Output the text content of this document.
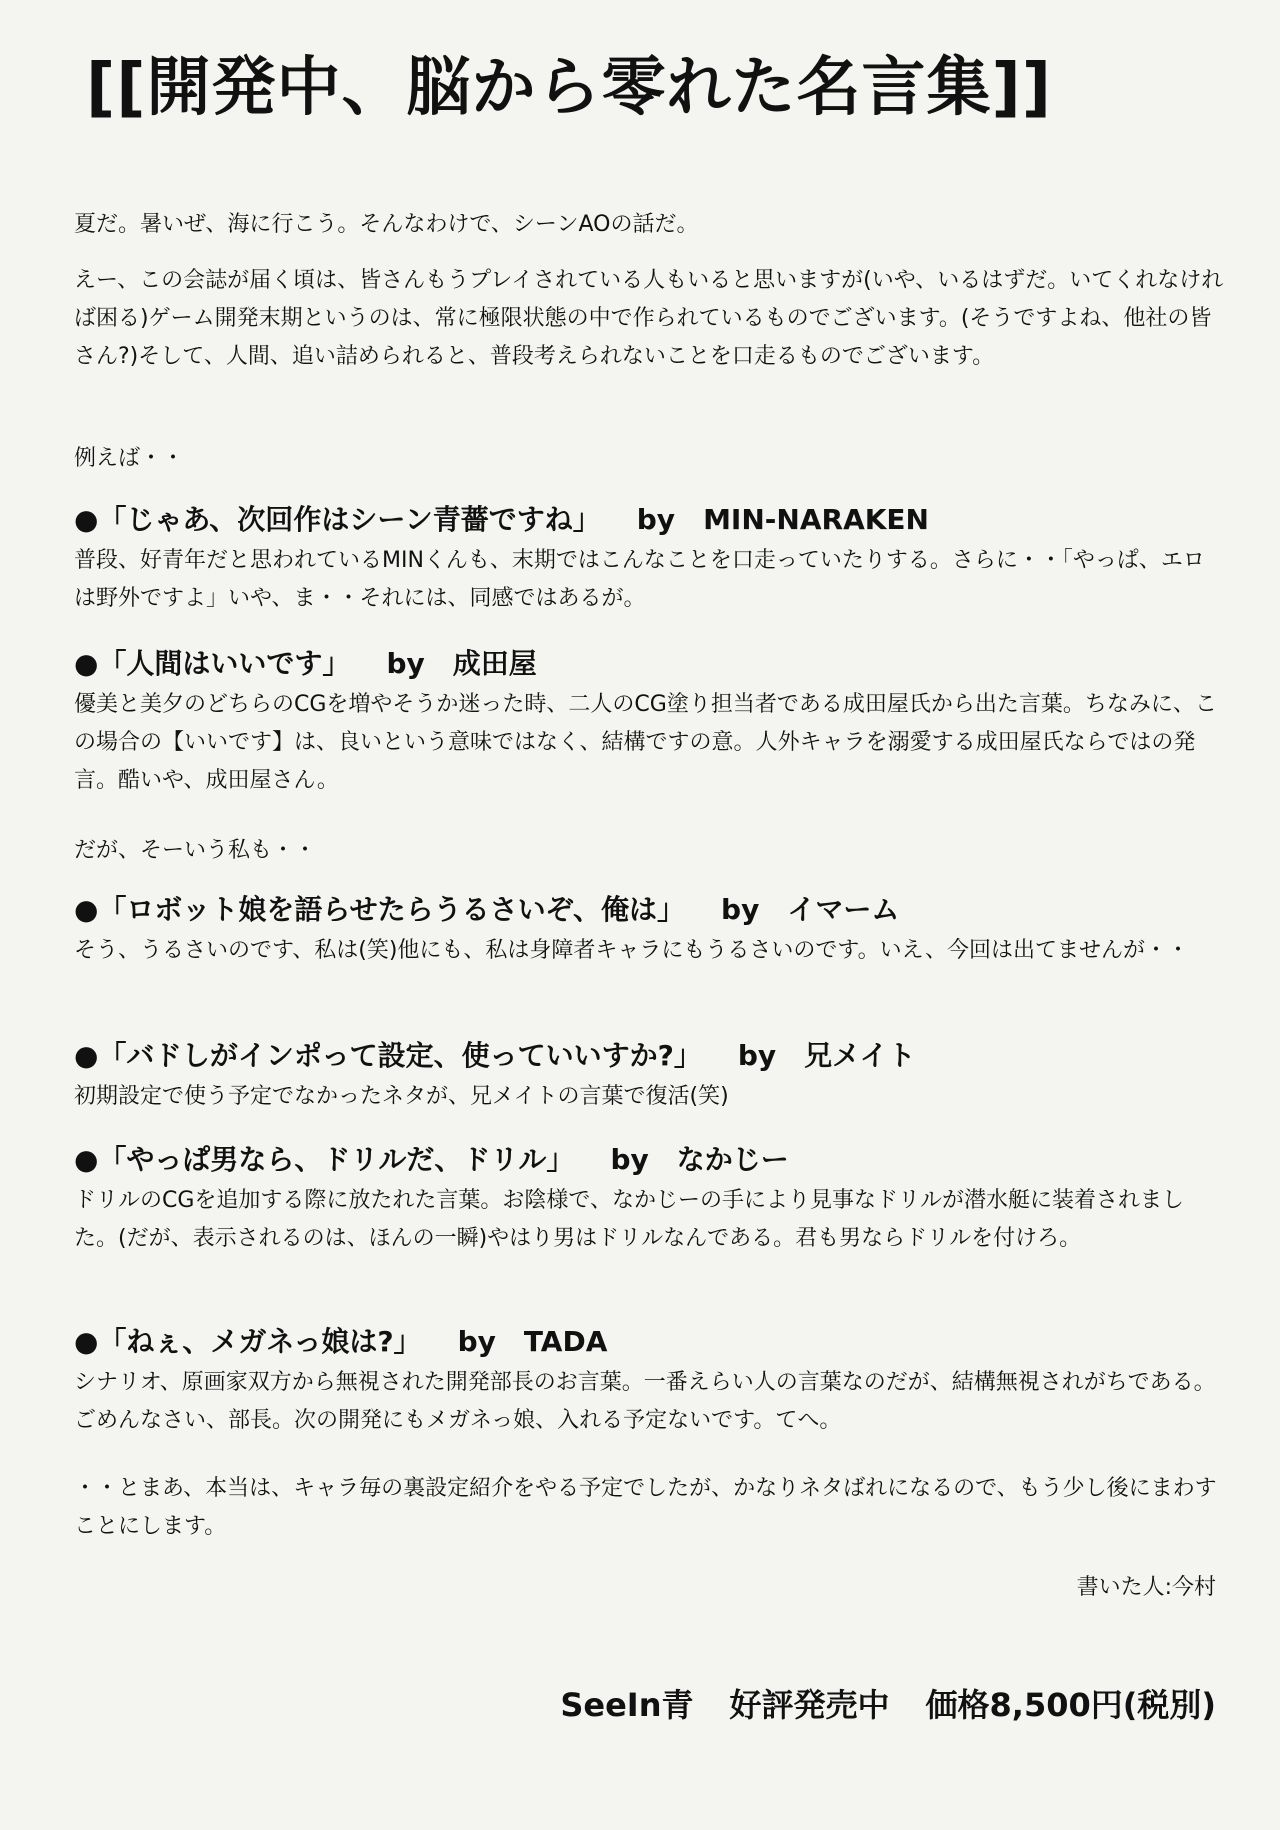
[[開発中、脳から零れた名言集]]
夏だ。暑いぜ、海に行こう。そんなわけで、シーンAOの話だ。
えー、この会誌が届く頃は、皆さんもうプレイされている人もいると思いますが(いや、いるはずだ。いてくれなければ困る)ゲーム開発末期というのは、常に極限状態の中で作られているものでございます。(そうですよね、他社の皆さん?)そして、人間、追い詰められると、普段考えられないことを口走るものでございます。
例えば・・
●「じゃあ、次回作はシーン青薔ですね」 by MIN-NARAKEN
普段、好青年だと思われているMINくんも、末期ではこんなことを口走っていたりする。さらに・・「やっぱ、エロは野外ですよ」いや、ま・・それには、同感ではあるが。
●「人間はいいです」 by 成田屋
優美と美夕のどちらのCGを増やそうか迷った時、二人のCG塗り担当者である成田屋氏から出た言葉。ちなみに、この場合の【いいです】は、良いという意味ではなく、結構ですの意。人外キャラを溺愛する成田屋氏ならではの発言。酷いや、成田屋さん。
だが、そーいう私も・・
●「ロボット娘を語らせたらうるさいぞ、俺は」 by イマーム
そう、うるさいのです、私は(笑)他にも、私は身障者キャラにもうるさいのです。いえ、今回は出てませんが・・
●「バドしがインポって設定、使っていいすか?」 by 兄メイト
初期設定で使う予定でなかったネタが、兄メイトの言葉で復活(笑)
●「やっぱ男なら、ドリルだ、ドリル」 by なかじー
ドリルのCGを追加する際に放たれた言葉。お陰様で、なかじーの手により見事なドリルが潜水艇に装着されました。(だが、表示されるのは、ほんの一瞬)やはり男はドリルなんである。君も男ならドリルを付けろ。
●「ねぇ、メガネっ娘は?」 by TADA
シナリオ、原画家双方から無視された開発部長のお言葉。一番えらい人の言葉なのだが、結構無視されがちである。ごめんなさい、部長。次の開発にもメガネっ娘、入れる予定ないです。てへ。
・・とまあ、本当は、キャラ毎の裏設定紹介をやる予定でしたが、かなりネタばれになるので、もう少し後にまわすことにします。
書いた人:今村
SeeIn青 好評発売中 価格8,500円(税別)
